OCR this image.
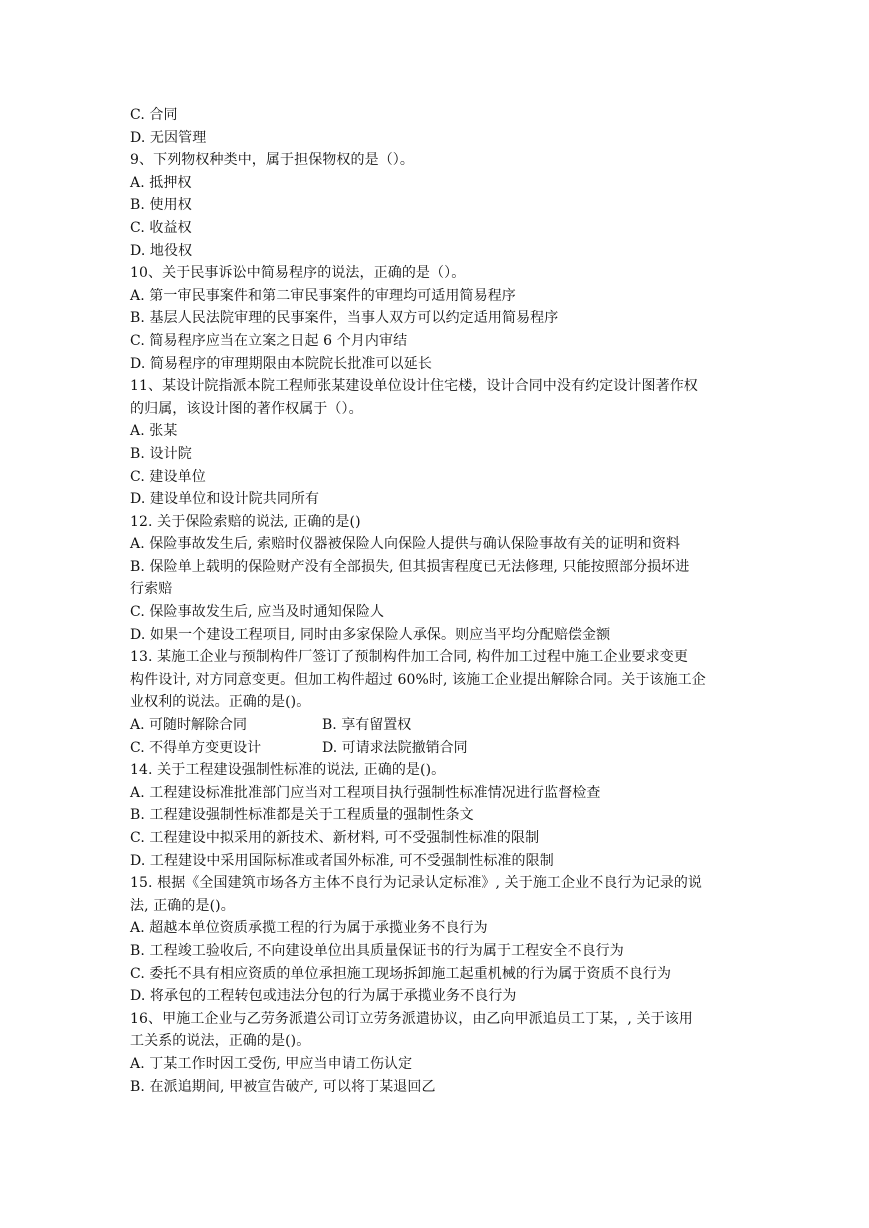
C. 合同
D. 无因管理
9、下列物权种类中，属于担保物权的是（）。
A. 抵押权
B. 使用权
C. 收益权
D. 地役权
10、关于民事诉讼中简易程序的说法，正确的是（）。
A. 第一审民事案件和第二审民事案件的审理均可适用简易程序
B. 基层人民法院审理的民事案件，当事人双方可以约定适用简易程序
C. 简易程序应当在立案之日起 6 个月内审结
D. 简易程序的审理期限由本院院长批准可以延长
11、某设计院指派本院工程师张某建设单位设计住宅楼，设计合同中没有约定设计图著作权
的归属，该设计图的著作权属于（）。
A. 张某
B. 设计院
C. 建设单位
D. 建设单位和设计院共同所有
12. 关于保险索赔的说法, 正确的是()
A. 保险事故发生后, 索赔时仪器被保险人向保险人提供与确认保险事故有关的证明和资料
B. 保险单上载明的保险财产没有全部损失, 但其损害程度已无法修理, 只能按照部分损坏进
行索赔
C. 保险事故发生后, 应当及时通知保险人
D. 如果一个建设工程项目, 同时由多家保险人承保。则应当平均分配赔偿金额
13. 某施工企业与预制构件厂签订了预制构件加工合同, 构件加工过程中施工企业要求变更
构件设计, 对方同意变更。但加工构件超过 60%时, 该施工企业提出解除合同。关于该施工企
业权利的说法。正确的是()。
A. 可随时解除合同	B. 享有留置权
C. 不得单方变更设计	D. 可请求法院撤销合同
14. 关于工程建设强制性标准的说法, 正确的是()。
A. 工程建设标准批准部门应当对工程项目执行强制性标准情况进行监督检查
B. 工程建设强制性标准都是关于工程质量的强制性条文
C. 工程建设中拟采用的新技术、新材料, 可不受强制性标准的限制
D. 工程建设中采用国际标准或者国外标准, 可不受强制性标准的限制
15. 根据《全国建筑市场各方主体不良行为记录认定标准》, 关于施工企业不良行为记录的说
法, 正确的是()。
A. 超越本单位资质承揽工程的行为属于承揽业务不良行为
B. 工程竣工验收后, 不向建设单位出具质量保证书的行为属于工程安全不良行为
C. 委托不具有相应资质的单位承担施工现场拆卸施工起重机械的行为属于资质不良行为
D. 将承包的工程转包或违法分包的行为属于承揽业务不良行为
16、甲施工企业与乙劳务派遣公司订立劳务派遣协议，由乙向甲派追员工丁某，, 关于该用
工关系的说法，正确的是()。
A. 丁某工作时因工受伤, 甲应当申请工伤认定
B. 在派追期间, 甲被宣告破产, 可以将丁某退回乙
